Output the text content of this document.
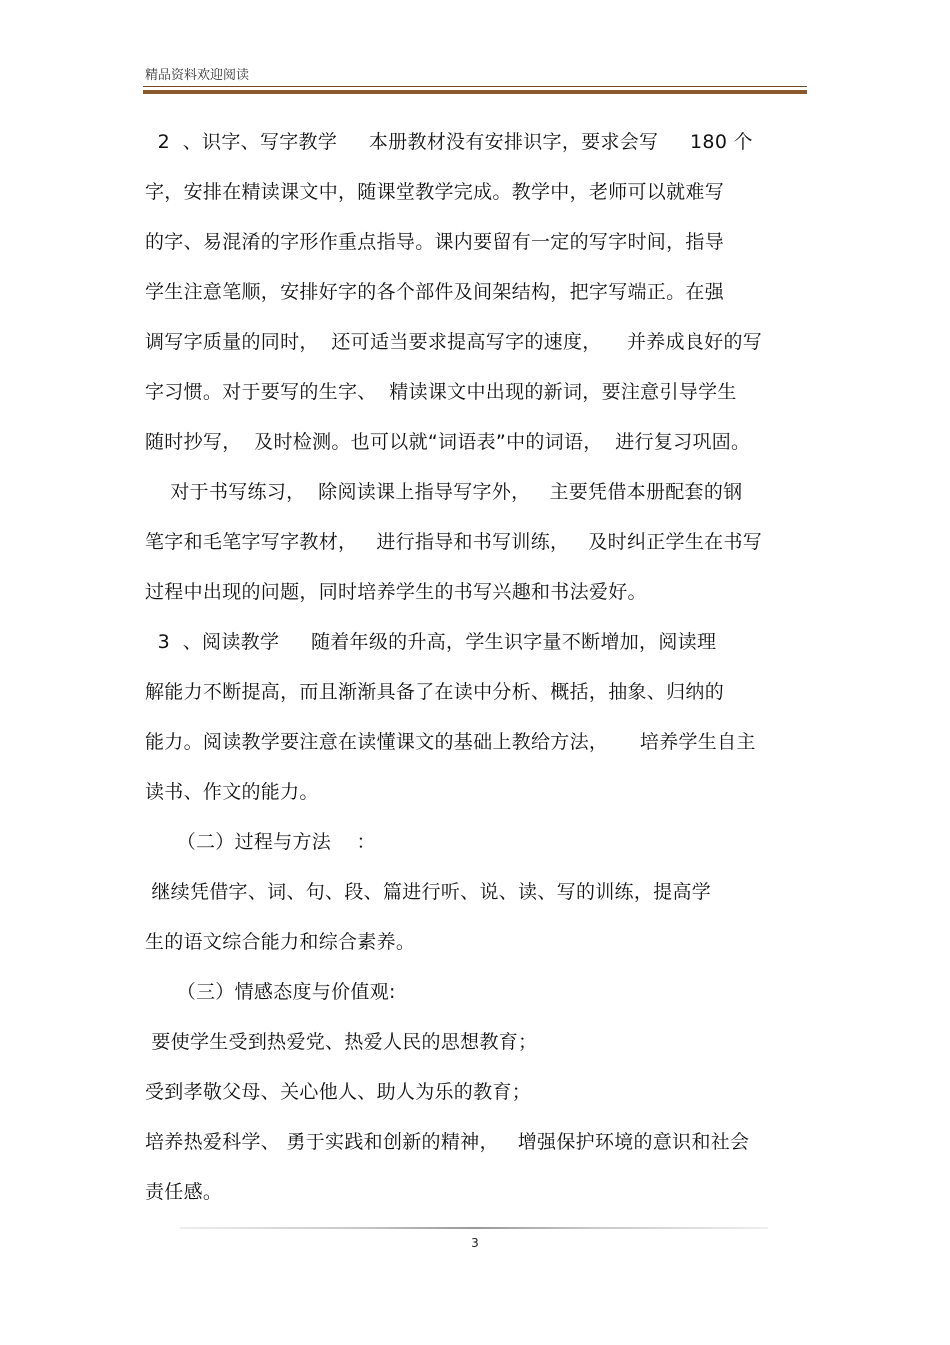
精品资料欢迎阅读
2  、识字、写字教学     本册教材没有安排识字，要求会写     180 个
字，安排在精读课文中，随课堂教学完成。教学中，老师可以就难写
的字、易混淆的字形作重点指导。课内要留有一定的写字时间，指导
学生注意笔顺，安排好字的各个部件及间架结构，把字写端正。在强
调写字质量的同时，  还可适当要求提高写字的速度，    并养成良好的写
字习惯。对于要写的生字、  精读课文中出现的新词，要注意引导学生
随时抄写，  及时检测。也可以就“词语表”中的词语，  进行复习巩固。
对于书写练习，  除阅读课上指导写字外，   主要凭借本册配套的钢
笔字和毛笔字写字教材，   进行指导和书写训练，   及时纠正学生在书写
过程中出现的问题，同时培养学生的书写兴趣和书法爱好。
3  、阅读教学     随着年级的升高，学生识字量不断增加，阅读理
解能力不断提高，而且渐渐具备了在读中分析、概括，抽象、归纳的
能力。阅读教学要注意在读懂课文的基础上教给方法，     培养学生自主
读书、作文的能力。
（二）过程与方法    ：
继续凭借字、词、句、段、篇进行听、说、读、写的训练，提高学
生的语文综合能力和综合素养。
（三）情感态度与价值观:
要使学生受到热爱党、热爱人民的思想教育；
受到孝敬父母、关心他人、助人为乐的教育；
培养热爱科学、 勇于实践和创新的精神，   增强保护环境的意识和社会
责任感。
3
